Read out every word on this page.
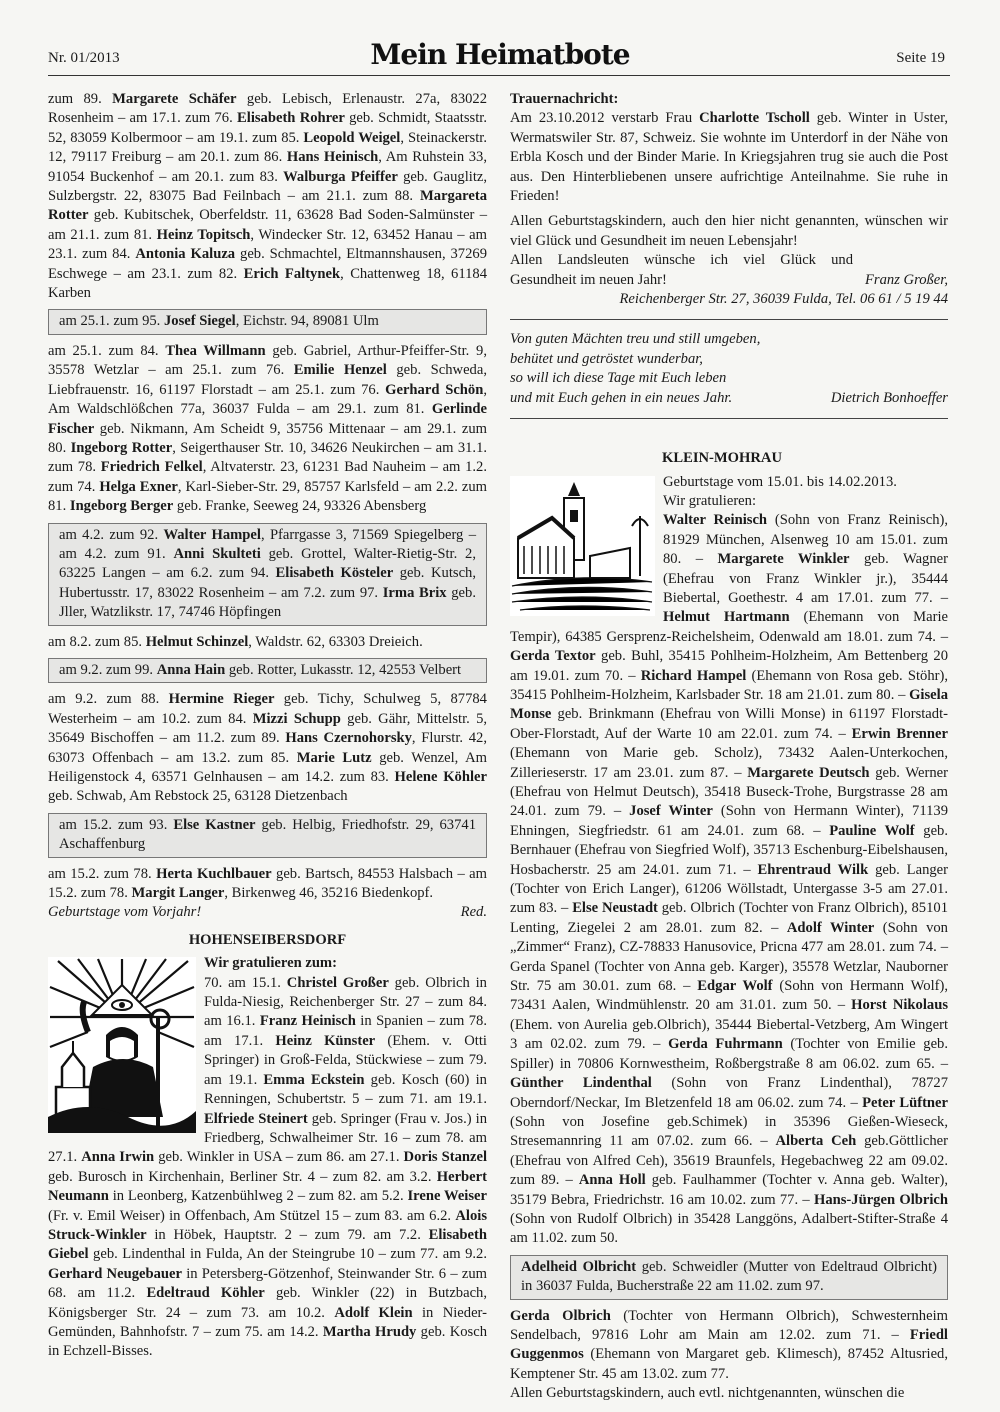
Nr. 01/2013	Mein Heimatbote	Seite 19

zum 89. Margarete Schäfer geb. Lebisch, Erlenaustr. 27a, 83022 Rosenheim – am 17.1. zum 76. Elisabeth Rohrer geb. Schmidt, Staatsstr. 52, 83059 Kolbermoor – am 19.1. zum 85. Leopold Weigel, Steinackerstr. 12, 79117 Freiburg – am 20.1. zum 86. Hans Heinisch, Am Ruhstein 33, 91054 Buckenhof – am 20.1. zum 83. Walburga Pfeiffer geb. Gauglitz, Sulzbergstr. 22, 83075 Bad Feilnbach – am 21.1. zum 88. Margareta Rotter geb. Kubitschek, Oberfeldstr. 11, 63628 Bad Soden-Salmünster – am 21.1. zum 81. Heinz Topitsch, Windecker Str. 12, 63452 Hanau – am 23.1. zum 84. Antonia Kaluza geb. Schmachtel, Eltmannshausen, 37269 Eschwege – am 23.1. zum 82. Erich Faltynek, Chattenweg 18, 61184 Karben

am 25.1. zum 95. Josef Siegel, Eichstr. 94, 89081 Ulm

am 25.1. zum 84. Thea Willmann geb. Gabriel, Arthur-Pfeiffer-Str. 9, 35578 Wetzlar – am 25.1. zum 76. Emilie Henzel geb. Schweda, Liebfrauenstr. 16, 61197 Florstadt – am 25.1. zum 76. Gerhard Schön, Am Waldschlößchen 77a, 36037 Fulda – am 29.1. zum 81. Gerlinde Fischer geb. Nikmann, Am Scheidt 9, 35756 Mittenaar – am 29.1. zum 80. Ingeborg Rotter, Seigerthauser Str. 10, 34626 Neukirchen – am 31.1. zum 78. Friedrich Felkel, Altvaterstr. 23, 61231 Bad Nauheim – am 1.2. zum 74. Helga Exner, Karl-Sieber-Str. 29, 85757 Karlsfeld – am 2.2. zum 81. Ingeborg Berger geb. Franke, Seeweg 24, 93326 Abensberg

am 4.2. zum 92. Walter Hampel, Pfarrgasse 3, 71569 Spiegelberg – am 4.2. zum 91. Anni Skulteti geb. Grottel, Walter-Rietig-Str. 2, 63225 Langen – am 6.2. zum 94. Elisabeth Kösteler geb. Kutsch, Hubertusstr. 17, 83022 Rosenheim – am 7.2. zum 97. Irma Brix geb. Jller, Watzlikstr. 17, 74746 Höpfingen

am 8.2. zum 85. Helmut Schinzel, Waldstr. 62, 63303 Dreieich.

am 9.2. zum 99. Anna Hain geb. Rotter, Lukasstr. 12, 42553 Velbert

am 9.2. zum 88. Hermine Rieger geb. Tichy, Schulweg 5, 87784 Westerheim – am 10.2. zum 84. Mizzi Schupp geb. Gähr, Mittelstr. 5, 35649 Bischoffen – am 11.2. zum 89. Hans Czernohorsky, Flurstr. 42, 63073 Offenbach – am 13.2. zum 85. Marie Lutz geb. Wenzel, Am Heiligenstock 4, 63571 Gelnhausen – am 14.2. zum 83. Helene Köhler geb. Schwab, Am Rebstock 25, 63128 Dietzenbach

am 15.2. zum 93. Else Kastner geb. Helbig, Friedhofstr. 29, 63741 Aschaffenburg

am 15.2. zum 78. Herta Kuchlbauer geb. Bartsch, 84553 Halsbach – am 15.2. zum 78. Margit Langer, Birkenweg 46, 35216 Biedenkopf.

Geburtstage vom Vorjahr!	Red.
HOHENSEIBERSDORF

Wir gratulieren zum:

70. am 15.1. Christel Großer geb. Olbrich in Fulda-Niesig, Reichenberger Str. 27 – zum 84. am 16.1. Franz Heinisch in Spanien – zum 78. am 17.1. Heinz Künster (Ehem. v. Otti Springer) in Groß-Felda, Stückwiese – zum 79. am 19.1. Emma Eckstein geb. Kosch (60) in Renningen, Schubertstr. 5 – zum 71. am 19.1. Elfriede Steinert geb. Springer (Frau v. Jos.) in Friedberg, Schwalheimer Str. 16 – zum 78. am 27.1. Anna Irwin geb. Winkler in USA – zum 86. am 27.1. Doris Stanzel geb. Burosch in Kirchenhain, Berliner Str. 4 – zum 82. am 3.2. Herbert Neumann in Leonberg, Katzenbühlweg 2 – zum 82. am 5.2. Irene Weiser (Fr. v. Emil Weiser) in Offenbach, Am Stützel 15 – zum 83. am 6.2. Alois Struck-Winkler in Höbek, Hauptstr. 2 – zum 79. am 7.2. Elisabeth Giebel geb. Lindenthal in Fulda, An der Steingrube 10 – zum 77. am 9.2. Gerhard Neugebauer in Petersberg-Götzenhof, Steinwander Str. 6 – zum 68. am 11.2. Edeltraud Köhler geb. Winkler (22) in Butzbach, Königsberger Str. 24 – zum 73. am 10.2. Adolf Klein in Nieder-Gemünden, Bahnhofstr. 7 – zum 75. am 14.2. Martha Hrudy geb. Kosch in Echzell-Bisses.

Trauernachricht:

Am 23.10.2012 verstarb Frau Charlotte Tscholl geb. Winter in Uster, Wermatswiler Str. 87, Schweiz. Sie wohnte im Unterdorf in der Nähe von Erbla Kosch und der Binder Marie. In Kriegsjahren trug sie auch die Post aus. Den Hinterbliebenen unsere aufrichtige Anteilnahme. Sie ruhe in Frieden!

Allen Geburtstagskindern, auch den hier nicht genannten, wünschen wir viel Glück und Gesundheit im neuen Lebensjahr!

Allen Landsleuten wünsche ich viel Glück und Gesundheit im neuen Jahr!	Franz Großer,

Reichenberger Str. 27, 36039 Fulda, Tel. 06 61 / 5 19 44

Von guten Mächten treu und still umgeben,
behütet und getröstet wunderbar,
so will ich diese Tage mit Euch leben
und mit Euch gehen in ein neues Jahr.	Dietrich Bonhoeffer
KLEIN-MOHRAU

Geburtstage vom 15.01. bis 14.02.2013.

Wir gratulieren:

Walter Reinisch (Sohn von Franz Reinisch), 81929 München, Alsenweg 10 am 15.01. zum 80. – Margarete Winkler geb. Wagner (Ehefrau von Franz Winkler jr.), 35444 Biebertal, Goethestr. 4 am 17.01. zum 77. – Helmut Hartmann (Ehemann von Marie Tempir), 64385 Gersprenz-Reichelsheim, Odenwald am 18.01. zum 74. – Gerda Textor geb. Buhl, 35415 Pohlheim-Holzheim, Am Bettenberg 20 am 19.01. zum 70. – Richard Hampel (Ehemann von Rosa geb. Stöhr), 35415 Pohlheim-Holzheim, Karlsbader Str. 18 am 21.01. zum 80. – Gisela Monse geb. Brinkmann (Ehefrau von Willi Monse) in 61197 Florstadt-Ober-Florstadt, Auf der Warte 10 am 22.01. zum 74. – Erwin Brenner (Ehemann von Marie geb. Scholz), 73432 Aalen-Unterkochen, Zillerieserstr. 17 am 23.01. zum 87. – Margarete Deutsch geb. Werner (Ehefrau von Helmut Deutsch), 35418 Buseck-Trohe, Burgstrasse 28 am 24.01. zum 79. – Josef Winter (Sohn von Hermann Winter), 71139 Ehningen, Siegfriedstr. 61 am 24.01. zum 68. – Pauline Wolf geb. Bernhauer (Ehefrau von Siegfried Wolf), 35713 Eschenburg-Eibelshausen, Hosbacherstr. 25 am 24.01. zum 71. – Ehrentraud Wilk geb. Langer (Tochter von Erich Langer), 61206 Wöllstadt, Untergasse 3-5 am 27.01. zum 83. – Else Neustadt geb. Olbrich (Tochter von Franz Olbrich), 85101 Lenting, Ziegelei 2 am 28.01. zum 82. – Adolf Winter (Sohn von „Zimmer“ Franz), CZ-78833 Hanusovice, Pricna 477 am 28.01. zum 74. – Gerda Spanel (Tochter von Anna geb. Karger), 35578 Wetzlar, Nauborner Str. 75 am 30.01. zum 68. – Edgar Wolf (Sohn von Hermann Wolf), 73431 Aalen, Windmühlenstr. 20 am 31.01. zum 50. – Horst Nikolaus (Ehem. von Aurelia geb.Olbrich), 35444 Biebertal-Vetzberg, Am Wingert 3 am 02.02. zum 79. – Gerda Fuhrmann (Tochter von Emilie geb. Spiller) in 70806 Kornwestheim, Roßbergstraße 8 am 06.02. zum 65. – Günther Lindenthal (Sohn von Franz Lindenthal), 78727 Oberndorf/Neckar, Im Bletzenfeld 18 am 06.02. zum 74. – Peter Lüftner (Sohn von Josefine geb.Schimek) in 35396 Gießen-Wieseck, Stresemannring 11 am 07.02. zum 66. – Alberta Ceh geb.Göttlicher (Ehefrau von Alfred Ceh), 35619 Braunfels, Hegebachweg 22 am 09.02. zum 89. – Anna Holl geb. Faulhammer (Tochter v. Anna geb. Walter), 35179 Bebra, Friedrichstr. 16 am 10.02. zum 77. – Hans-Jürgen Olbrich (Sohn von Rudolf Olbrich) in 35428 Langgöns, Adalbert-Stifter-Straße 4 am 11.02. zum 50.

Adelheid Olbricht geb. Schweidler (Mutter von Edeltraud Olbricht) in 36037 Fulda, Bucherstraße 22 am 11.02. zum 97.

Gerda Olbrich (Tochter von Hermann Olbrich), Schwesternheim Sendelbach, 97816 Lohr am Main am 12.02. zum 71. – Friedl Guggenmos (Ehemann von Margaret geb. Klimesch), 87452 Altusried, Kemptener Str. 45 am 13.02. zum 77.

Allen Geburtstagskindern, auch evtl. nichtgenannten, wünschen die
